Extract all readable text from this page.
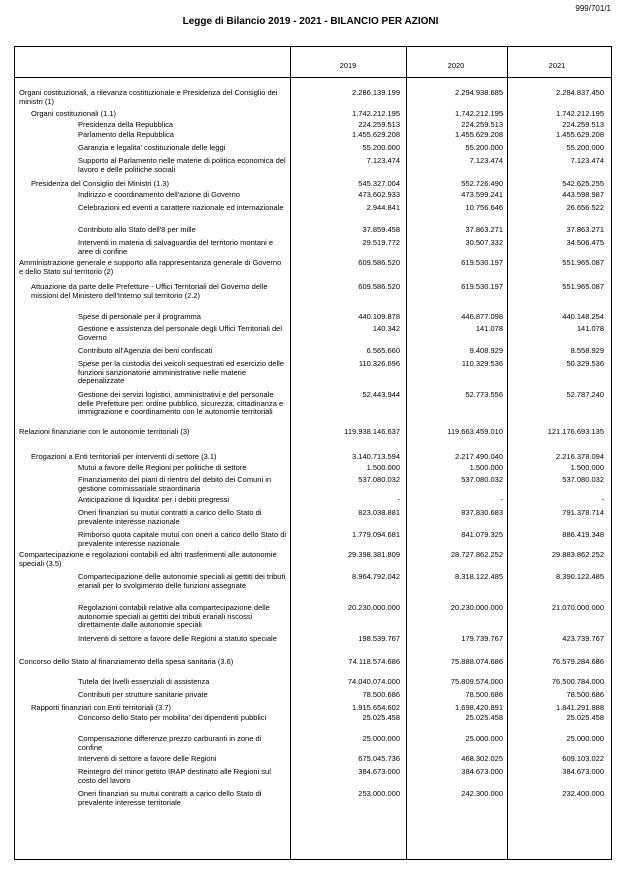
999/701/1
Legge di Bilancio 2019 - 2021 - BILANCIO PER AZIONI
2019	2020	2021
Organi costituzionali, a rilevanza costituzionale e Presidenza del Consiglio dei ministri (1)
2.286.139.199	2.294.938.685	2.284.837.450
Organi costituzionali (1.1)	1.742.212.195	1.742.212.195	1.742.212.195
Presidenza della Repubblica	224.259.513	224.259.513	224.259.513
Parlamento della Repubblica	1.455.629.208	1.455.629.208	1.455.629.208
Garanzia e legalita' costituzionale delle leggi	55.200.000	55.200.000	55.200.000
Supporto al Parlamento nelle materie di politica economica del lavoro e delle politiche sociali
7.123.474	7.123.474	7.123.474
Presidenza del Consiglio dei Ministri (1.3)	545.327.004	552.726.490	542.625.255
Indirizzo e coordinamento dell'azione di Governo	473.602.933	473.599.241	443.598.987
Celebrazioni ed eventi a carattere nazionale ed internazionale	2.944.841	10.756.646	26.656.522
Contributo allo Stato dell'8 per mille	37.859.458	37.863.271	37.863.271
Interventi in materia di salvaguardia del territorio montani e aree di confine
29.519.772	30.507.332	34.506.475
Amministrazione generale e supporto alla rappresentanza generale di Governo e dello Stato sul territorio (2)
609.586.520	619.530.197	551.965.087
Attuazione da parte delle Prefetture - Uffici Territoriali del Governo delle missioni del Ministero dell'Interno sul territorio (2.2)
609.586.520	619.530.197	551.965.087
Spese di personale per il programma	440.109.878	446.877.098	440.148.254
Gestione e assistenza del personale degli Uffici Territoriali del Governo
140.342	141.078	141.078
Contributo all'Agenzia dei beni confiscati	6.565.660	9.408.929	8.558.929
Spese per la custodia dei veicoli sequestrati ed esercizio delle funzioni sanzionatorie amministrative nelle materie depenalizzate
110.326.696	110.329.536	50.329.536
Gestione dei servizi logistici, amministrativi e del personale delle Prefetture per: ordine pubblico, sicurezza, cittadinanza e immigrazione e coordinamento con le autonomie territoriali
52.443.944	52.773.556	52.787.240
Relazioni finanziarie con le autonomie territoriali (3)	119.938.146.637	119.663.459.010	121.176.693.135
Erogazioni a Enti territoriali per interventi di settore (3.1)	3.140.713.594	2.217.490.040	2.216.378.094
Mutui a favore delle Regioni per politiche di settore	1.500.000	1.500.000	1.500.000
Finanziamento dei piani di rientro del debito dei Comuni in gestione commissariale straordinaria
537.080.032	537.080.032	537.080.032
Anticipazione di liquidita' per i debiti pregressi	-	-	-
Oneri finanziari su mutui contratti a carico dello Stato di prevalente interesse nazionale
823.038.881	837.830.683	791.378.714
Rimborso quota capitale mutui con oneri a carico dello Stato di prevalente interesse nazionale
1.779.094.681	841.079.325	886.419.348
Compartecipazione e regolazioni contabili ed altri trasferimenti alle autonomie speciali (3.5)
29.398.381.809	28.727.862.252	29.883.862.252
Compartecipazione delle autonomie speciali ai gettiti dei tributi erariali per lo svolgimento delle funzioni assegnate
8.964.792.042	8.318.122.485	8.390.122.485
Regolazioni contabili relative alla compartecipazione delle autonomie speciali ai gettiti dei tributi erariali riscossi direttamente dalle autonomie speciali
20.230.000.000	20.230.000.000	21.070.000.000
Interventi di settore a favore delle Regioni a statuto speciale	198.539.767	179.739.767	423.739.767
Concorso dello Stato al finanziamento della spesa sanitaria (3.6)	74.118.574.686	75.888.074.686	76.579.284.686
Tutela dei livelli essenziali di assistenza	74.040.074.000	75.809.574.000	76.500.784.000
Contributi per strutture sanitarie private	78.500.686	78.500.686	78.500.686
Rapporti finanziari con Enti territoriali (3.7)	1.915.654.602	1.698.420.891	1.841.291.888
Concorso dello Stato per mobilita' dei dipendenti pubblici	25.025.458	25.025.458	25.025.458
Compensazione differenze prezzo carburanti in zone di confine
25.000.000	25.000.000	25.000.000
Interventi di settore a favore delle Regioni	675.045.736	468.302.025	609.103.022
Reintegro del minor gettito IRAP destinato alle Regioni sul costo del lavoro
384.673.000	384.673.000	384.673.000
Oneri finanziari su mutui contratti a carico dello Stato di prevalente interesse territoriale
253.000.000	242.300.000	232.400.000
